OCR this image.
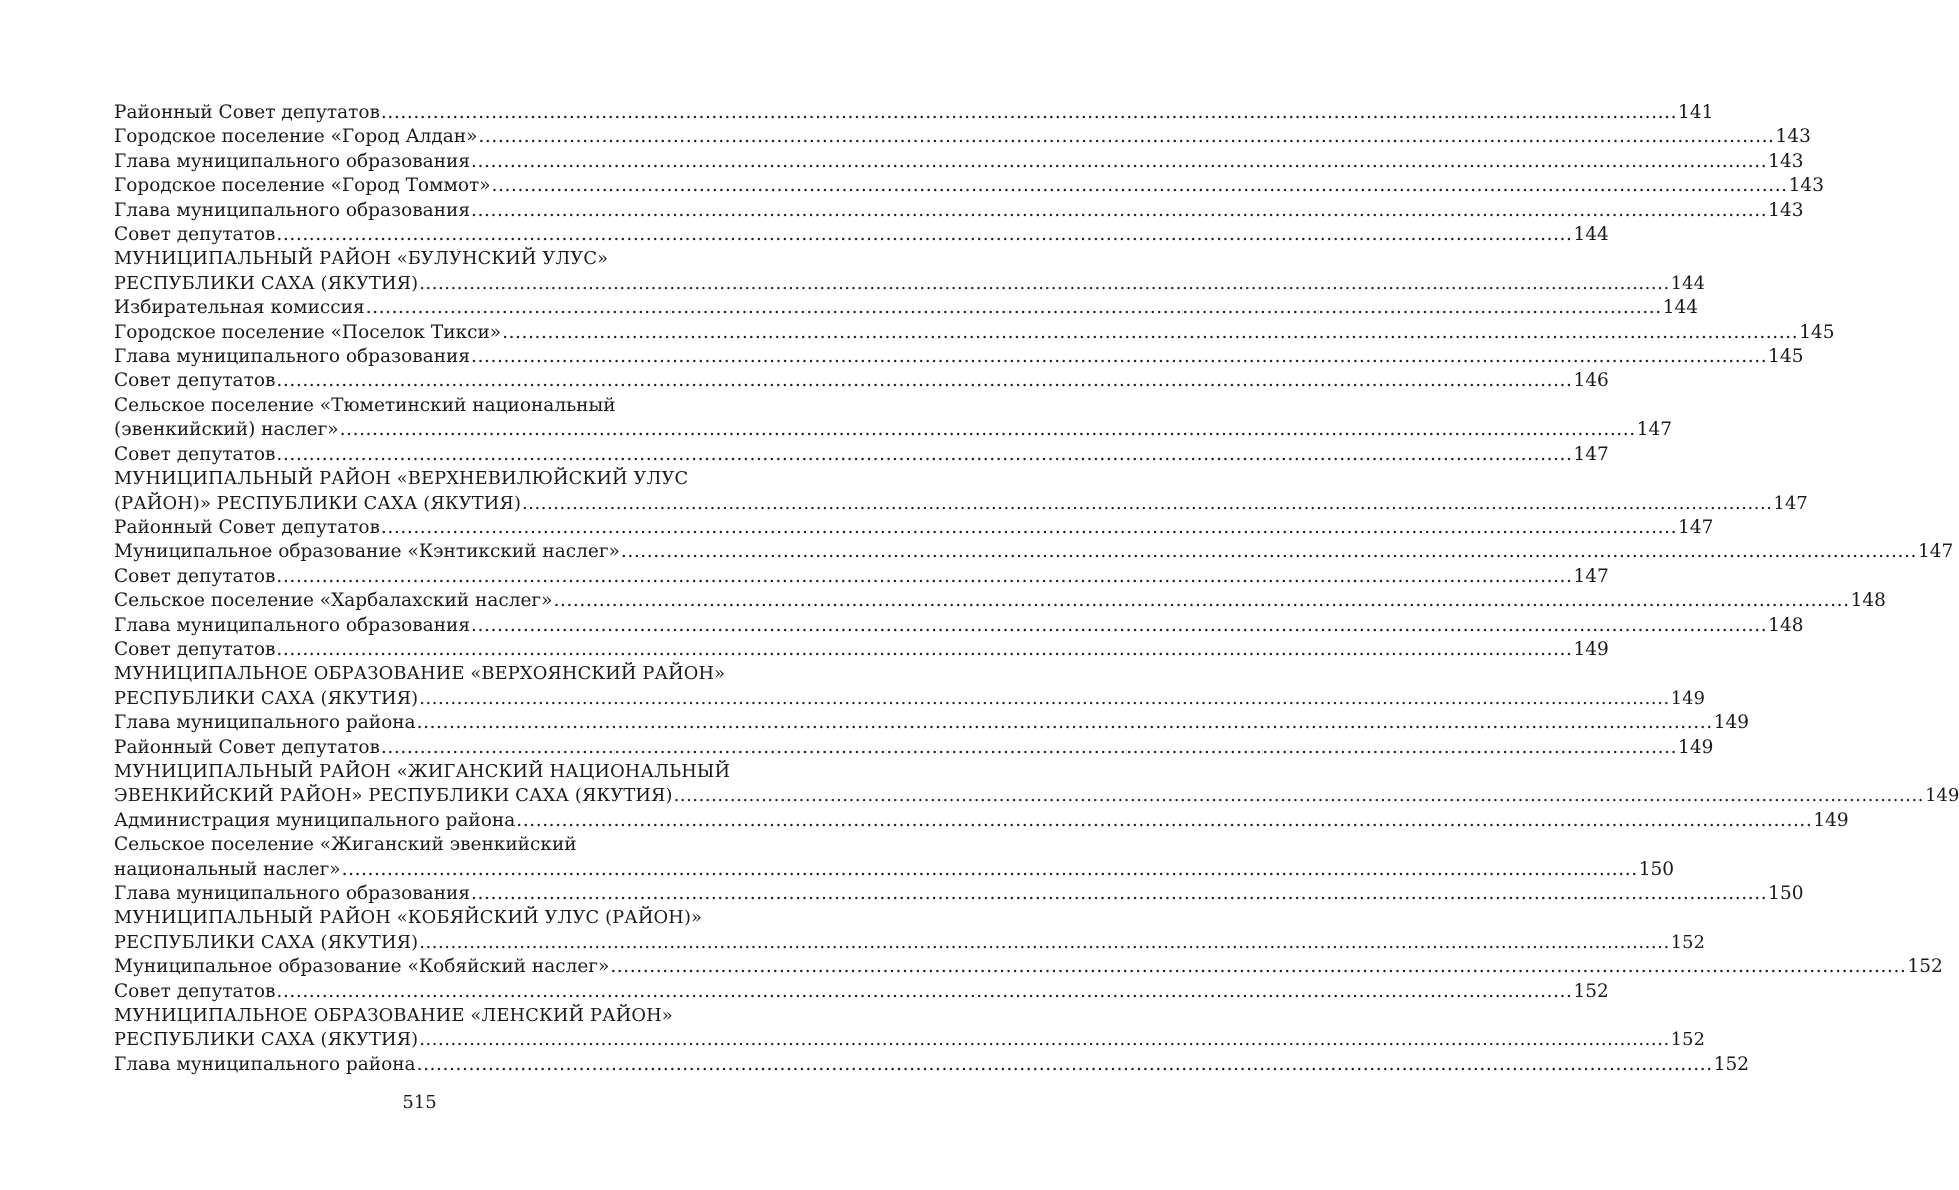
Районный Совет депутатов .....	141
Городское поселение «Город Алдан» .....	143
Глава муниципального образования .....	143
Городское поселение «Город Томмот» .....	143
Глава муниципального образования .....	143
Совет депутатов .....	144
МУНИЦИПАЛЬНЫЙ РАЙОН «БУЛУНСКИЙ УЛУС»
РЕСПУБЛИКИ САХА (ЯКУТИЯ) .....	144
Избирательная комиссия .....	144
Городское поселение «Поселок Тикси» .....	145
Глава муниципального образования .....	145
Совет депутатов .....	146
Сельское поселение «Тюметинский национальный
(эвенкийский) наслег» .....	147
Совет депутатов .....	147
МУНИЦИПАЛЬНЫЙ РАЙОН «ВЕРХНЕВИЛЮЙСКИЙ УЛУС
(РАЙОН)» РЕСПУБЛИКИ САХА (ЯКУТИЯ) .....	147
Районный Совет депутатов .....	147
Муниципальное образование «Кэнтикский наслег» .....	147
Совет депутатов .....	147
Сельское поселение «Харбалахский наслег» .....	148
Глава муниципального образования .....	148
Совет депутатов .....	149
МУНИЦИПАЛЬНОЕ ОБРАЗОВАНИЕ «ВЕРХОЯНСКИЙ РАЙОН»
РЕСПУБЛИКИ САХА (ЯКУТИЯ) .....	149
Глава муниципального района .....	149
Районный Совет депутатов .....	149
МУНИЦИПАЛЬНЫЙ РАЙОН «ЖИГАНСКИЙ НАЦИОНАЛЬНЫЙ
ЭВЕНКИЙСКИЙ РАЙОН» РЕСПУБЛИКИ САХА (ЯКУТИЯ) .....	149
Администрация муниципального района .....	149
Сельское поселение «Жиганский эвенкийский
национальный наслег» .....	150
Глава муниципального образования .....	150
МУНИЦИПАЛЬНЫЙ РАЙОН «КОБЯЙСКИЙ УЛУС (РАЙОН)»
РЕСПУБЛИКИ САХА (ЯКУТИЯ) .....	152
Муниципальное образование «Кобяйский наслег» .....	152
Совет депутатов .....	152
МУНИЦИПАЛЬНОЕ ОБРАЗОВАНИЕ «ЛЕНСКИЙ РАЙОН»
РЕСПУБЛИКИ САХА (ЯКУТИЯ) .....	152
Глава муниципального района .....	152
515
